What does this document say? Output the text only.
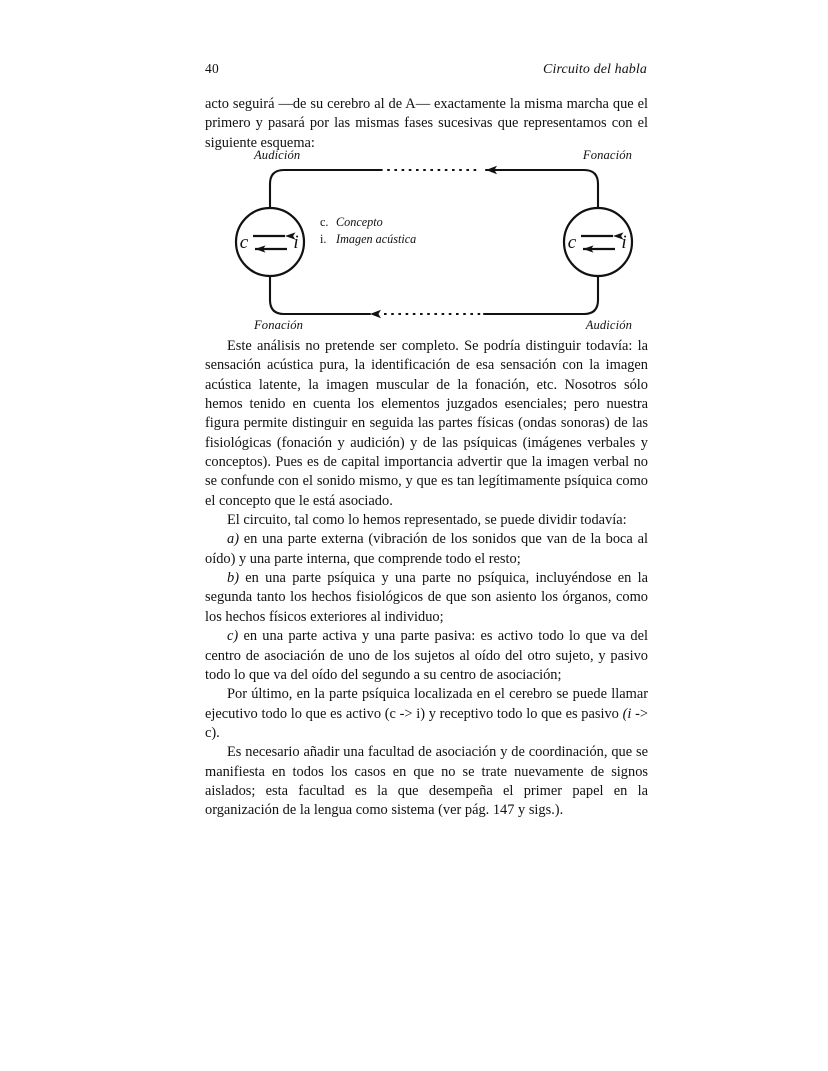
40	Circuito del habla

acto seguirá —de su cerebro al de A— exactamente la misma marcha que el primero y pasará por las mismas fases sucesivas que representamos con el siguiente esquema:

Audición	Fonación
Fonación	Audición
c i	c i
c. Concepto
i. Imagen acústica

Este análisis no pretende ser completo. Se podría distinguir todavía: la sensación acústica pura, la identificación de esa sensación con la imagen acústica latente, la imagen muscular de la fonación, etc. Nosotros sólo hemos tenido en cuenta los elementos juzgados esenciales; pero nuestra figura permite distinguir en seguida las partes físicas (ondas sonoras) de las fisiológicas (fonación y audición) y de las psíquicas (imágenes verbales y conceptos). Pues es de capital importancia advertir que la imagen verbal no se confunde con el sonido mismo, y que es tan legítimamente psíquica como el concepto que le está asociado.

El circuito, tal como lo hemos representado, se puede dividir todavía:

a) en una parte externa (vibración de los sonidos que van de la boca al oído) y una parte interna, que comprende todo el resto;

b) en una parte psíquica y una parte no psíquica, incluyéndose en la segunda tanto los hechos fisiológicos de que son asiento los órganos, como los hechos físicos exteriores al individuo;

c) en una parte activa y una parte pasiva: es activo todo lo que va del centro de asociación de uno de los sujetos al oído del otro sujeto, y pasivo todo lo que va del oído del segundo a su centro de asociación;

Por último, en la parte psíquica localizada en el cerebro se puede llamar ejecutivo todo lo que es activo (c -> i) y receptivo todo lo que es pasivo (i -> c).

Es necesario añadir una facultad de asociación y de coordinación, que se manifiesta en todos los casos en que no se trate nuevamente de signos aislados; esta facultad es la que desempeña el primer papel en la organización de la lengua como sistema (ver pág. 147 y sigs.).
